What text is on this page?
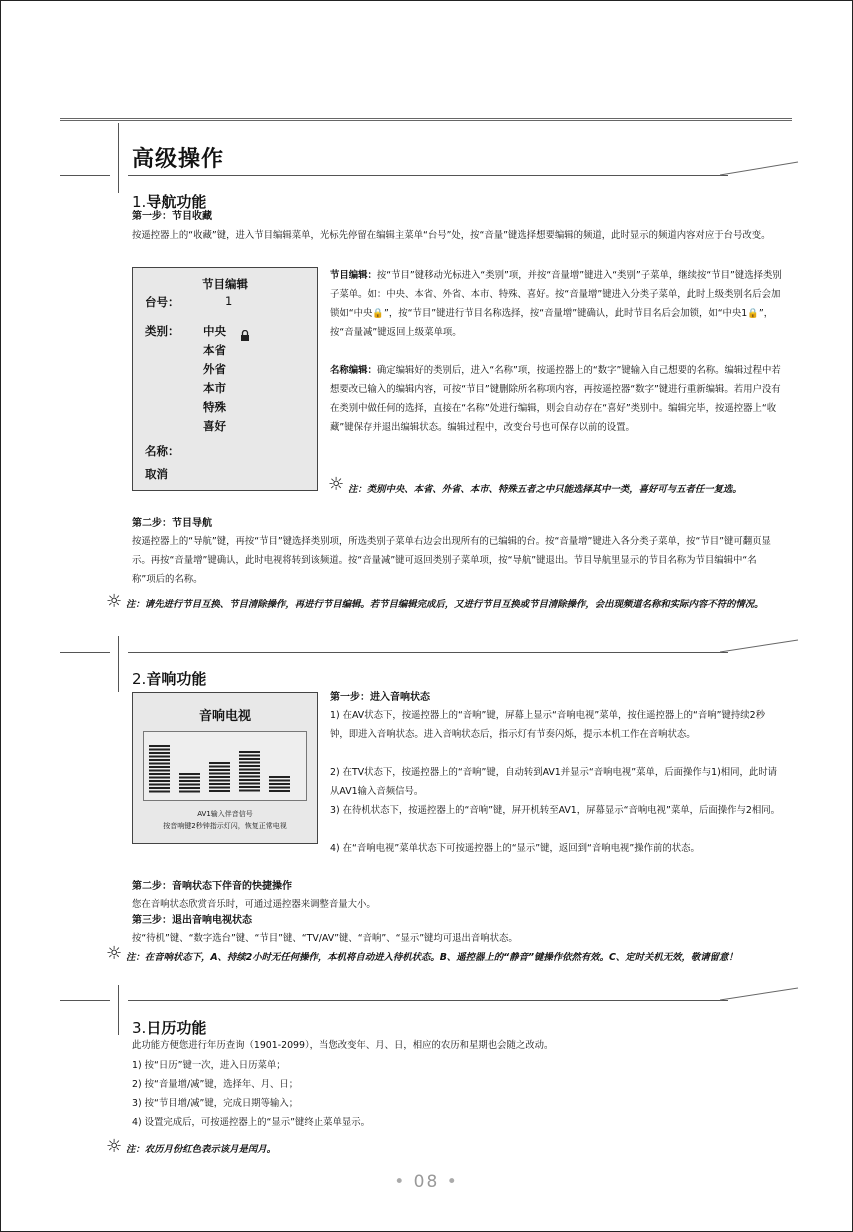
高级操作
1.导航功能
第一步：节目收藏
按遥控器上的“收藏”键，进入节目编辑菜单，光标先停留在编辑主菜单“台号”处，按“音量”键选择想要编辑的频道，此时显示的频道内容对应于台号改变。
节目编辑
台号：	1
类别： 中央
本省
外省
本市
特殊
喜好
名称：
取消
节目编辑：按“节目”键移动光标进入“类别”项，并按“音量增”键进入“类别”子菜单，继续按“节目”键选择类别子菜单。如：中央、本省、外省、本市、特殊、喜好。按“音量增”键进入分类子菜单，此时上级类别名后会加锁如“中央🔒”，按“节目”键进行节目名称选择，按“音量增”键确认，此时节目名后会加锁，如“中央1🔒”，按“音量减”键返回上级菜单项。
名称编辑：确定编辑好的类别后，进入“名称”项，按遥控器上的“数字”键输入自己想要的名称。编辑过程中若想要改已输入的编辑内容，可按“节目”键删除所名称项内容，再按遥控器“数字”键进行重新编辑。若用户没有在类别中做任何的选择，直接在“名称”处进行编辑，则会自动存在“喜好”类别中。编辑完毕，按遥控器上“收藏”键保存并退出编辑状态。编辑过程中，改变台号也可保存以前的设置。
☼ 注：类别中央、本省、外省、本市、特殊五者之中只能选择其中一类，喜好可与五者任一复选。
第二步：节目导航
按遥控器上的“导航”键，再按“节目”键选择类别项，所选类别子菜单右边会出现所有的已编辑的台。按“音量增”键进入各分类子菜单，按“节目”键可翻页显示。再按“音量增”键确认，此时电视将转到该频道。按“音量减”键可返回类别子菜单项，按“导航”键退出。节目导航里显示的节目名称为节目编辑中“名称”项后的名称。
☼ 注：请先进行节目互换、节目清除操作，再进行节目编辑。若节目编辑完成后，又进行节目互换或节目清除操作，会出现频道名称和实际内容不符的情况。
2.音响功能
音响电视
AV1输入伴音信号
按音响键2秒钟指示灯闪，恢复正常电视
第一步：进入音响状态
1) 在AV状态下，按遥控器上的“音响”键，屏幕上显示“音响电视”菜单，按住遥控器上的“音响”键持续2秒钟，即进入音响状态。进入音响状态后，指示灯有节奏闪烁，提示本机工作在音响状态。
2) 在TV状态下，按遥控器上的“音响”键，自动转到AV1并显示“音响电视”菜单，后面操作与1)相同，此时请从AV1输入音频信号。
3) 在待机状态下，按遥控器上的“音响”键，屏开机转至AV1，屏幕显示“音响电视”菜单，后面操作与2相同。
4) 在“音响电视”菜单状态下可按遥控器上的“显示”键，返回到“音响电视”操作前的状态。
第二步：音响状态下伴音的快捷操作
您在音响状态欣赏音乐时，可通过遥控器来调整音量大小。
第三步：退出音响电视状态
按“待机”键、“数字选台”键、“节目”键、“TV/AV”键、“音响”、“显示”键均可退出音响状态。
☼ 注：在音响状态下，A、持续2小时无任何操作，本机将自动进入待机状态。B、遥控器上的“静音”键操作依然有效。C、定时关机无效，敬请留意！
3.日历功能
此功能方便您进行年历查询（1901-2099），当您改变年、月、日，相应的农历和星期也会随之改动。
1) 按“日历”键一次，进入日历菜单；
2) 按“音量增/减”键，选择年、月、日；
3) 按“节目增/减”键，完成日期等输入；
4) 设置完成后，可按遥控器上的“显示”键终止菜单显示。
☼ 注：农历月份红色表示该月是闰月。
• 08 •
